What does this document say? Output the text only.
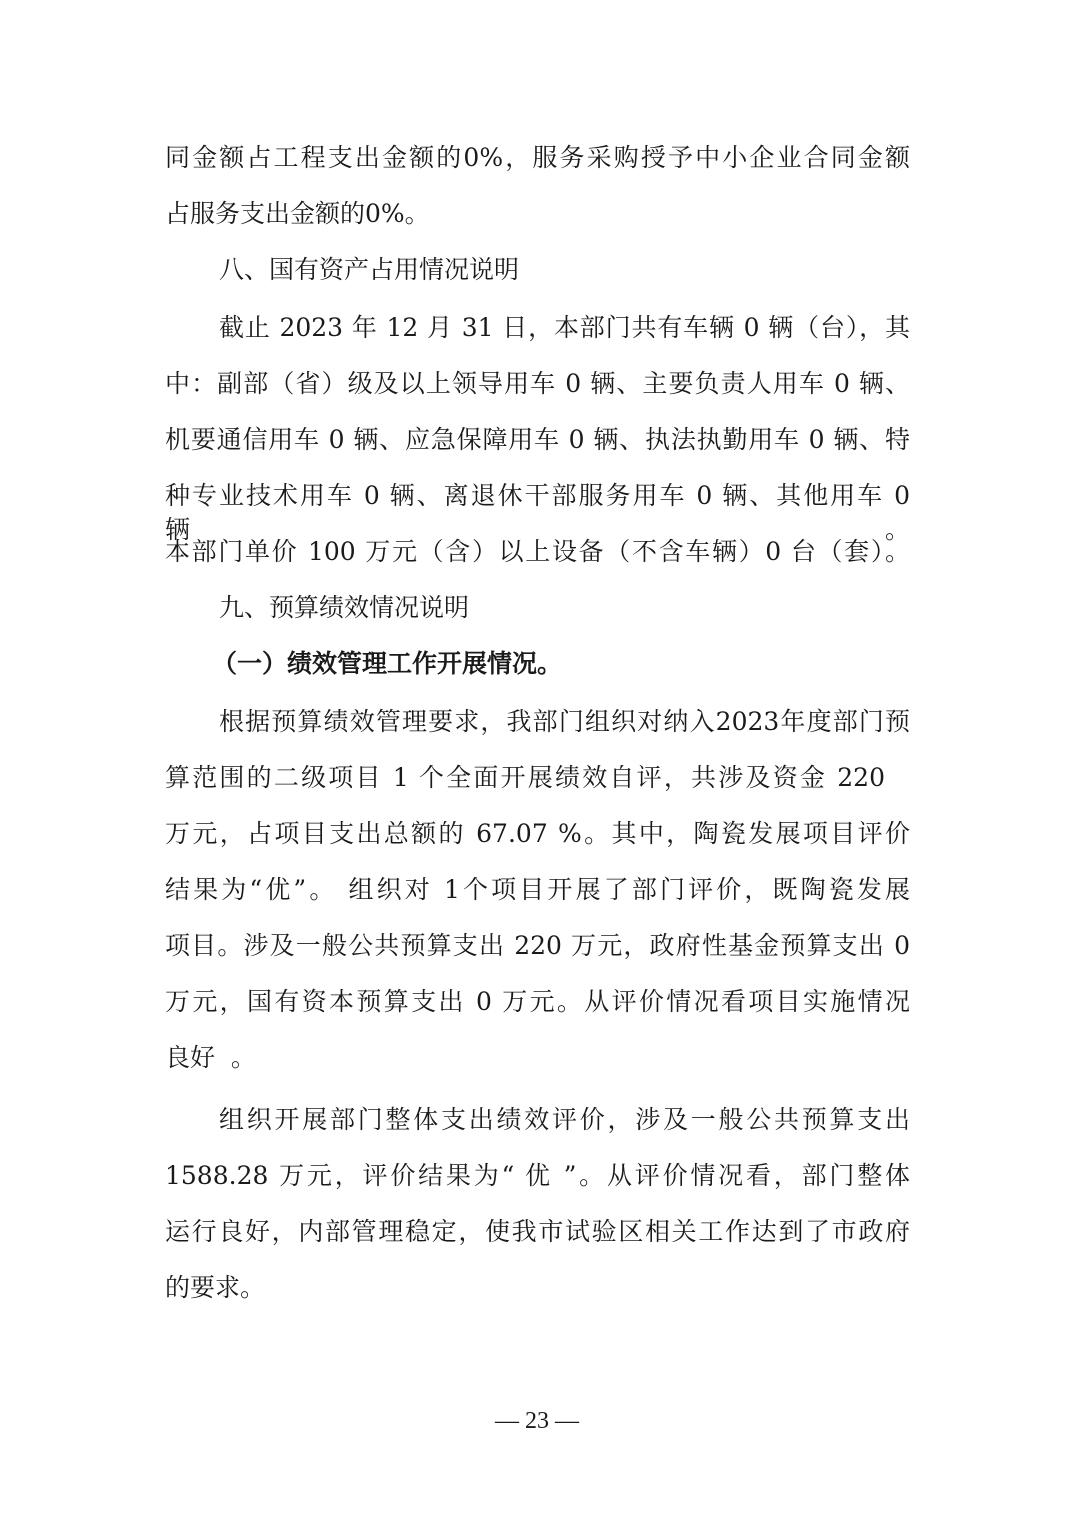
同金额占工程支出金额的0%，服务采购授予中小企业合同金额
占服务支出金额的0%。
八、国有资产占用情况说明
截止 2023 年 12 月 31 日，本部门共有车辆 0 辆（台），其
中：副部（省）级及以上领导用车 0 辆、主要负责人用车 0 辆、
机要通信用车 0 辆、应急保障用车 0 辆、执法执勤用车 0 辆、特
种专业技术用车 0 辆、离退休干部服务用车 0 辆、其他用车 0 辆。
本部门单价 100 万元（含）以上设备（不含车辆）0 台（套）。
九、预算绩效情况说明
（一）绩效管理工作开展情况。
根据预算绩效管理要求，我部门组织对纳入2023年度部门预
算范围的二级项目 1 个全面开展绩效自评，共涉及资金 220
万元，占项目支出总额的 67.07 %。其中，陶瓷发展项目评价
结果为“优”。 组织对 1个项目开展了部门评价，既陶瓷发展
项目。涉及一般公共预算支出 220 万元，政府性基金预算支出 0
万元，国有资本预算支出 0 万元。从评价情况看项目实施情况
良好  。
组织开展部门整体支出绩效评价，涉及一般公共预算支出
1588.28 万元，评价结果为“ 优 ”。从评价情况看，部门整体
运行良好，内部管理稳定，使我市试验区相关工作达到了市政府
的要求。
— 23 —
